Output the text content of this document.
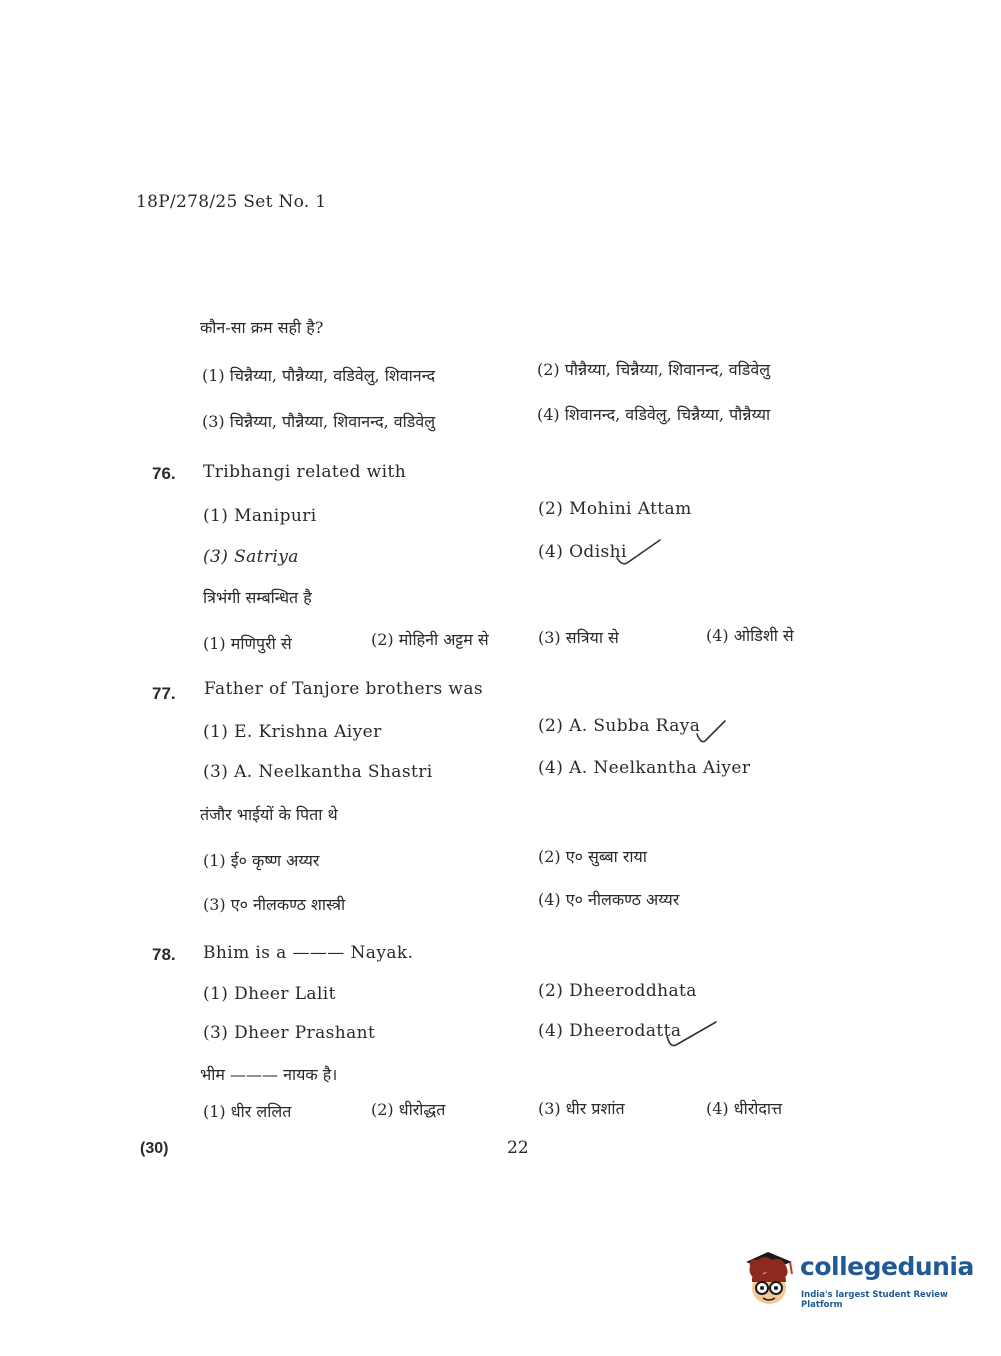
18P/278/25 Set No. 1
कौन-सा क्रम सही है?
(1) चिन्नैय्या, पौन्नैय्या, वडिवेलु, शिवानन्द	(2) पौन्नैय्या, चिन्नैय्या, शिवानन्द, वडिवेलु
(3) चिन्नैय्या, पौन्नैय्या, शिवानन्द, वडिवेलु	(4) शिवानन्द, वडिवेलु, चिन्नैय्या, पौन्नैय्या
76. Tribhangi related with
(1) Manipuri	(2) Mohini Attam
(3) Satriya	(4) Odishi
त्रिभंगी सम्बन्धित है
(1) मणिपुरी से	(2) मोहिनी अट्टम से	(3) सत्रिया से	(4) ओडिशी से
77. Father of Tanjore brothers was
(1) E. Krishna Aiyer	(2) A. Subba Raya
(3) A. Neelkantha Shastri	(4) A. Neelkantha Aiyer
तंजौर भाईयों के पिता थे
(1) ई० कृष्ण अय्यर	(2) ए० सुब्बा राया
(3) ए० नीलकण्ठ शास्त्री	(4) ए० नीलकण्ठ अय्यर
78. Bhim is a ——— Nayak.
(1) Dheer Lalit	(2) Dheeroddhata
(3) Dheer Prashant	(4) Dheerodatta
भीम ——— नायक है।
(1) धीर ललित	(2) धीरोद्धत	(3) धीर प्रशांत	(4) धीरोदात्त
(30)	22
collegedunia
India's largest Student Review Platform
